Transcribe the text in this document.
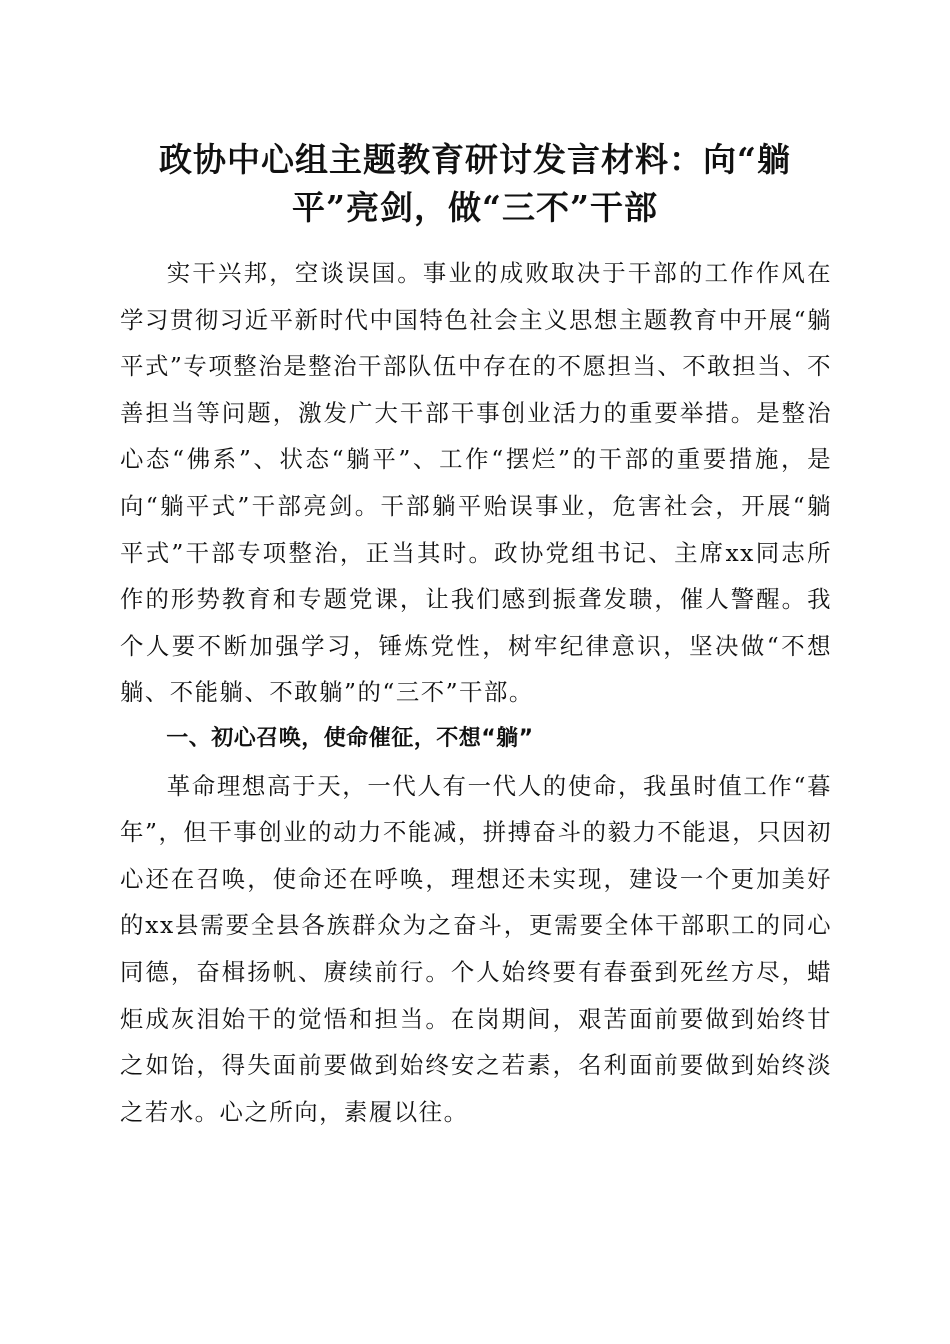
政协中心组主题教育研讨发言材料：向“躺
平”亮剑，做“三不”干部

实干兴邦，空谈误国。事业的成败取决于干部的工作作风在学习贯彻习近平新时代中国特色社会主义思想主题教育中开展“躺平式”专项整治是整治干部队伍中存在的不愿担当、不敢担当、不善担当等问题，激发广大干部干事创业活力的重要举措。是整治心态“佛系”、状态“躺平”、工作“摆烂”的干部的重要措施，是向“躺平式”干部亮剑。干部躺平贻误事业，危害社会，开展“躺平式”干部专项整治，正当其时。政协党组书记、主席xx同志所作的形势教育和专题党课，让我们感到振聋发聩，催人警醒。我个人要不断加强学习，锤炼党性，树牢纪律意识，坚决做“不想躺、不能躺、不敢躺”的“三不”干部。

一、初心召唤，使命催征，不想“躺”

革命理想高于天，一代人有一代人的使命，我虽时值工作“暮年”，但干事创业的动力不能减，拼搏奋斗的毅力不能退，只因初心还在召唤，使命还在呼唤，理想还未实现，建设一个更加美好的xx县需要全县各族群众为之奋斗，更需要全体干部职工的同心同德，奋楫扬帆、赓续前行。个人始终要有春蚕到死丝方尽，蜡炬成灰泪始干的觉悟和担当。在岗期间，艰苦面前要做到始终甘之如饴，得失面前要做到始终安之若素，名利面前要做到始终淡之若水。心之所向，素履以往。
